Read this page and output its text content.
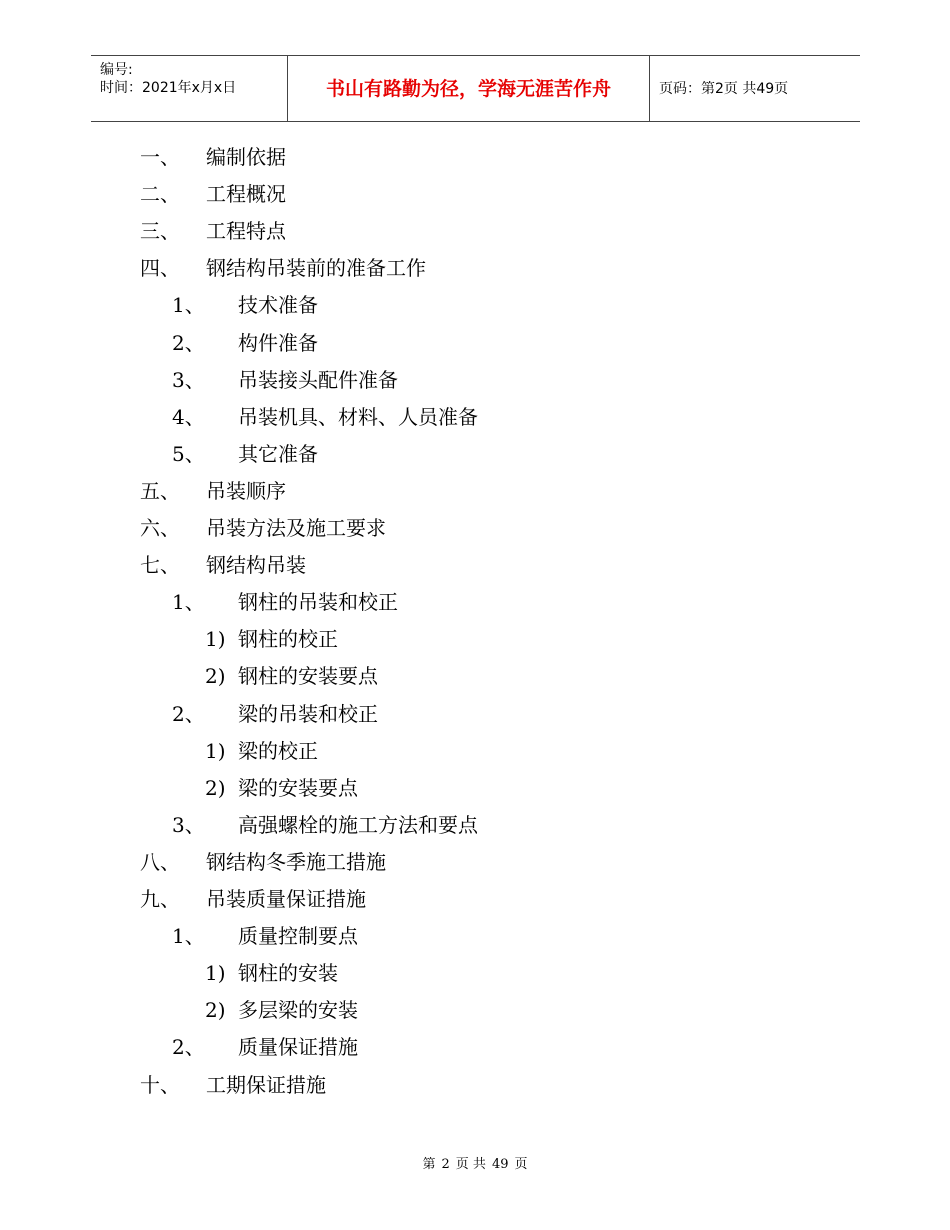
编号:
时间：2021年x月x日	书山有路勤为径，学海无涯苦作舟	页码：第2页 共49页
一、 编制依据
二、 工程概况
三、 工程特点
四、 钢结构吊装前的准备工作
1、 技术准备
2、 构件准备
3、 吊装接头配件准备
4、 吊装机具、材料、人员准备
5、 其它准备
五、 吊装顺序
六、 吊装方法及施工要求
七、 钢结构吊装
1、 钢柱的吊装和校正
1) 钢柱的校正
2) 钢柱的安装要点
2、 梁的吊装和校正
1) 梁的校正
2) 梁的安装要点
3、 高强螺栓的施工方法和要点
八、 钢结构冬季施工措施
九、 吊装质量保证措施
1、 质量控制要点
1) 钢柱的安装
2) 多层梁的安装
2、 质量保证措施
十、 工期保证措施
第 2 页 共 49 页
